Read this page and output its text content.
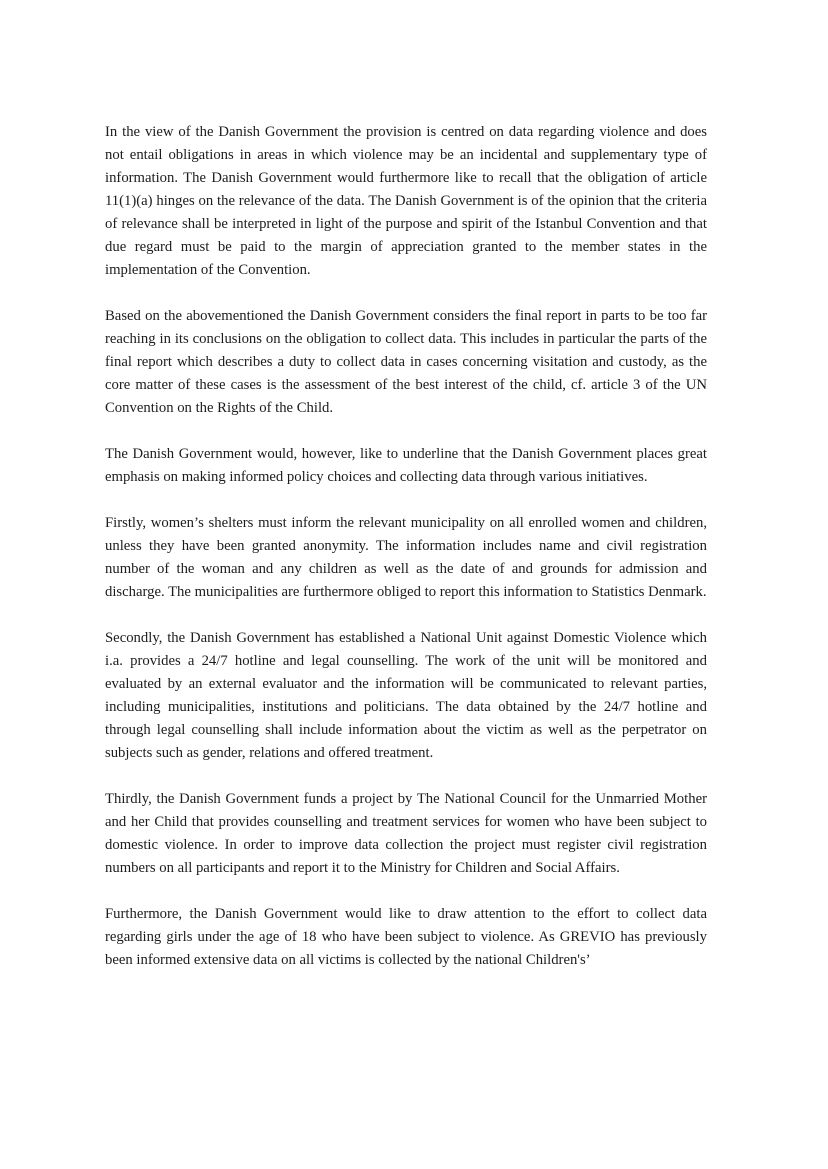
In the view of the Danish Government the provision is centred on data regarding violence and does not entail obligations in areas in which violence may be an incidental and supplementary type of information. The Danish Government would furthermore like to recall that the obligation of article 11(1)(a) hinges on the relevance of the data. The Danish Government is of the opinion that the criteria of relevance shall be interpreted in light of the purpose and spirit of the Istanbul Convention and that due regard must be paid to the margin of appreciation granted to the member states in the implementation of the Convention.

Based on the abovementioned the Danish Government considers the final report in parts to be too far reaching in its conclusions on the obligation to collect data. This includes in particular the parts of the final report which describes a duty to collect data in cases concerning visitation and custody, as the core matter of these cases is the assessment of the best interest of the child, cf. article 3 of the UN Convention on the Rights of the Child.

The Danish Government would, however, like to underline that the Danish Government places great emphasis on making informed policy choices and collecting data through various initiatives.

Firstly, women’s shelters must inform the relevant municipality on all enrolled women and children, unless they have been granted anonymity. The information includes name and civil registration number of the woman and any children as well as the date of and grounds for admission and discharge. The municipalities are furthermore obliged to report this information to Statistics Denmark.

Secondly, the Danish Government has established a National Unit against Domestic Violence which i.a. provides a 24/7 hotline and legal counselling. The work of the unit will be monitored and evaluated by an external evaluator and the information will be communicated to relevant parties, including municipalities, institutions and politicians. The data obtained by the 24/7 hotline and through legal counselling shall include information about the victim as well as the perpetrator on subjects such as gender, relations and offered treatment.

Thirdly, the Danish Government funds a project by The National Council for the Unmarried Mother and her Child that provides counselling and treatment services for women who have been subject to domestic violence. In order to improve data collection the project must register civil registration numbers on all participants and report it to the Ministry for Children and Social Affairs.

Furthermore, the Danish Government would like to draw attention to the effort to collect data regarding girls under the age of 18 who have been subject to violence. As GREVIO has previously been informed extensive data on all victims is collected by the national Children's’
